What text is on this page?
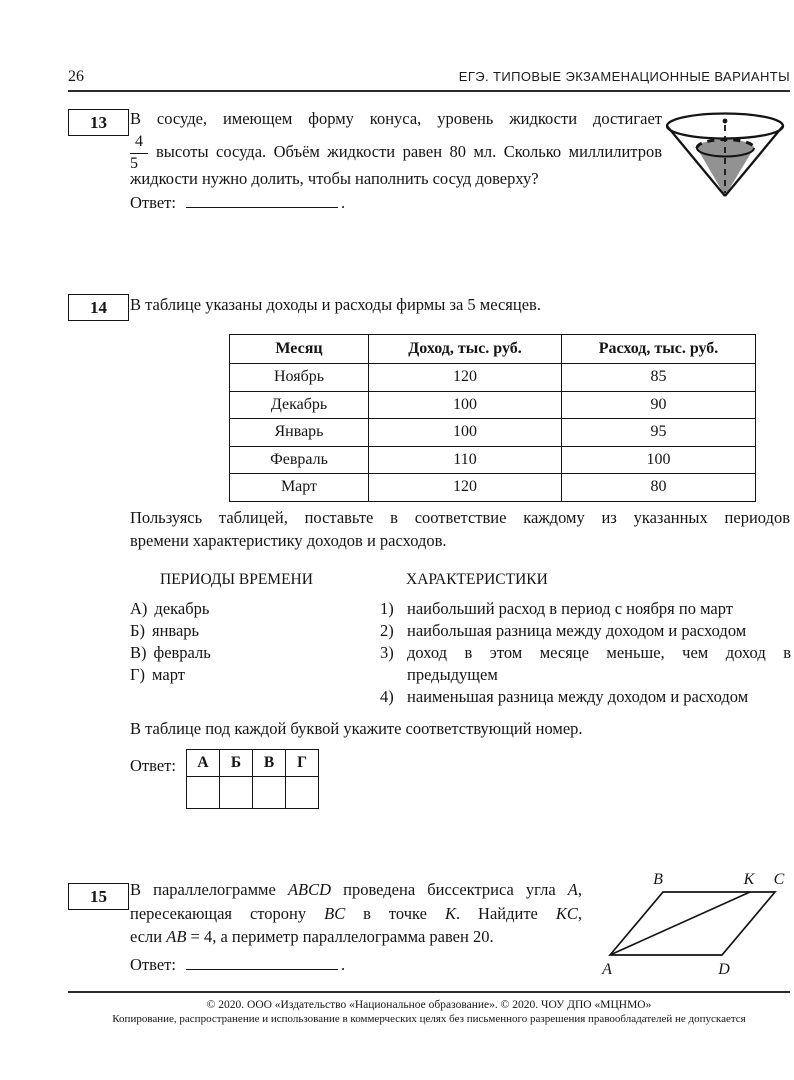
26	ЕГЭ. ТИПОВЫЕ ЭКЗАМЕНАЦИОННЫЕ ВАРИАНТЫ
13 В сосуде, имеющем форму конуса, уровень жидкости достигает
$\frac{4}{5}$ высоты сосуда. Объём жидкости равен 80 мл. Сколько миллилитров
жидкости нужно долить, чтобы наполнить сосуд доверху?
Ответ:	.
14 В таблице указаны доходы и расходы фирмы за 5 месяцев.
Месяц	Доход, тыс. руб.	Расход, тыс. руб.
Ноябрь	120	85
Декабрь	100	90
Январь	100	95
Февраль	110	100
Март	120	80
Пользуясь таблицей, поставьте в соответствие каждому из указанных периодов
времени характеристику доходов и расходов.
ПЕРИОДЫ ВРЕМЕНИ
А) декабрь
Б) январь
В) февраль
Г) март
ХАРАКТЕРИСТИКИ
1) наибольший расход в период с ноября по март
2) наибольшая разница между доходом и расходом
3) доход в этом месяце меньше, чем доход в предыдущем
4) наименьшая разница между доходом и расходом
В таблице под каждой буквой укажите соответствующий номер.
Ответ: А	Б	В	Г

15 В параллелограмме ABCD проведена биссектриса угла A,
пересекающая сторону BC в точке K. Найдите KC,
если AB = 4, а периметр параллелограмма равен 20.
B	K C
A	D
Ответ:	.
© 2020. ООО «Издательство «Национальное образование». © 2020. ЧОУ ДПО «МЦНМО»
Копирование, распространение и использование в коммерческих целях без письменного разрешения правообладателей не допускается
